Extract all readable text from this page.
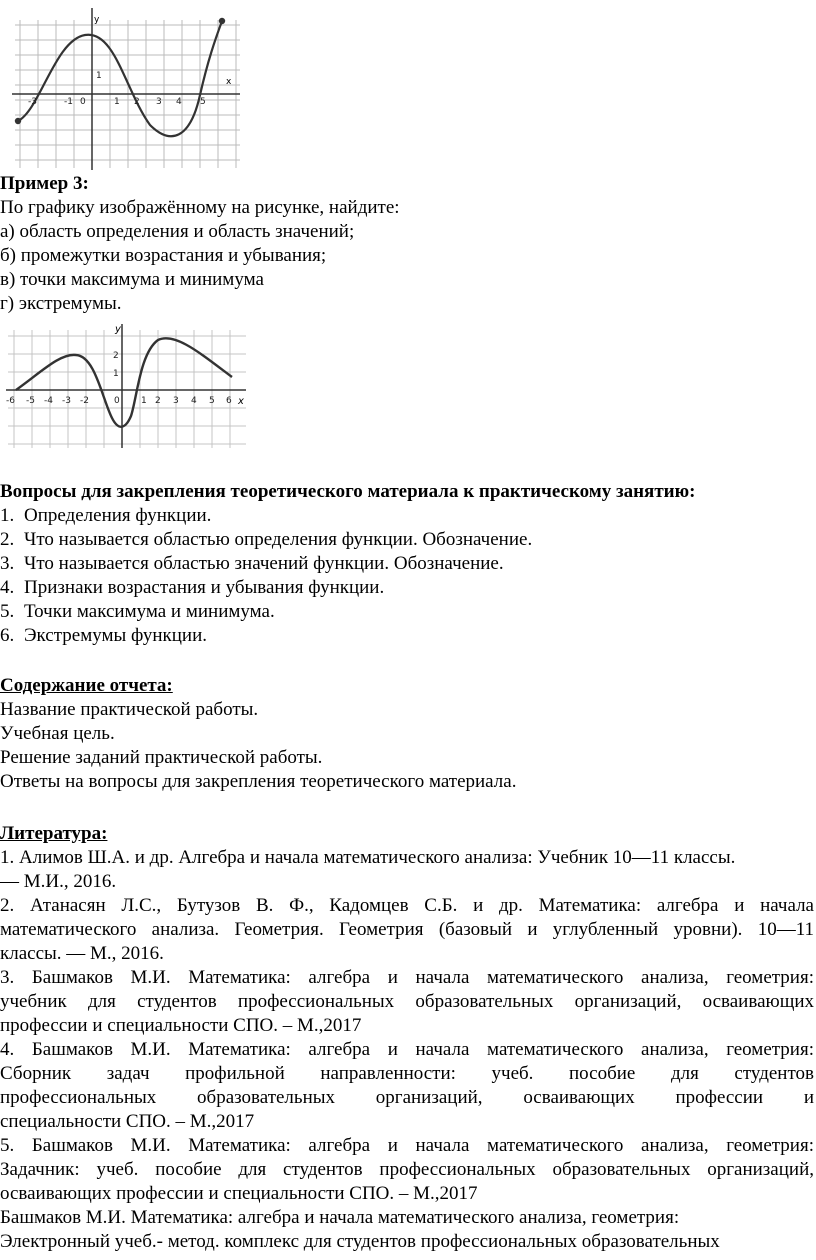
y
x
-3	-1 0	1 2 3 4 5
1
Пример 3:
По графику изображённому на рисунке, найдите:
а) область определения и область значений;
б) промежутки возрастания и убывания;
в) точки максимума и минимума
г) экстремумы.
y
x
-6 -5 -4 -3 -2	0 1 2 3 4 5 6
2
1
Вопросы для закрепления теоретического материала к практическому занятию:
1. Определения функции.
2. Что называется областью определения функции. Обозначение.
3. Что называется областью значений функции. Обозначение.
4. Признаки возрастания и убывания функции.
5. Точки максимума и минимума.
6. Экстремумы функции.
Содержание отчета:
Название практической работы.
Учебная цель.
Решение заданий практической работы.
Ответы на вопросы для закрепления теоретического материала.
Литература:
1. Алимов Ш.А. и др. Алгебра и начала математического анализа: Учебник 10—11 классы.
— М.И., 2016.
2. Атанасян Л.С., Бутузов В. Ф., Кадомцев С.Б. и др. Математика: алгебра и начала
математического анализа. Геометрия. Геометрия (базовый и углубленный уровни). 10—11
классы. — М., 2016.
3. Башмаков М.И. Математика: алгебра и начала математического анализа, геометрия:
учебник для студентов профессиональных образовательных организаций, осваивающих
профессии и специальности СПО. – М.,2017
4. Башмаков М.И. Математика: алгебра и начала математического анализа, геометрия:
Сборник задач профильной направленности: учеб. пособие для студентов
профессиональных образовательных организаций, осваивающих профессии и
специальности СПО. – М.,2017
5. Башмаков М.И. Математика: алгебра и начала математического анализа, геометрия:
Задачник: учеб. пособие для студентов профессиональных образовательных организаций,
осваивающих профессии и специальности СПО. – М.,2017
Башмаков М.И. Математика: алгебра и начала математического анализа, геометрия:
Электронный учеб.- метод. комплекс для студентов профессиональных образовательных
